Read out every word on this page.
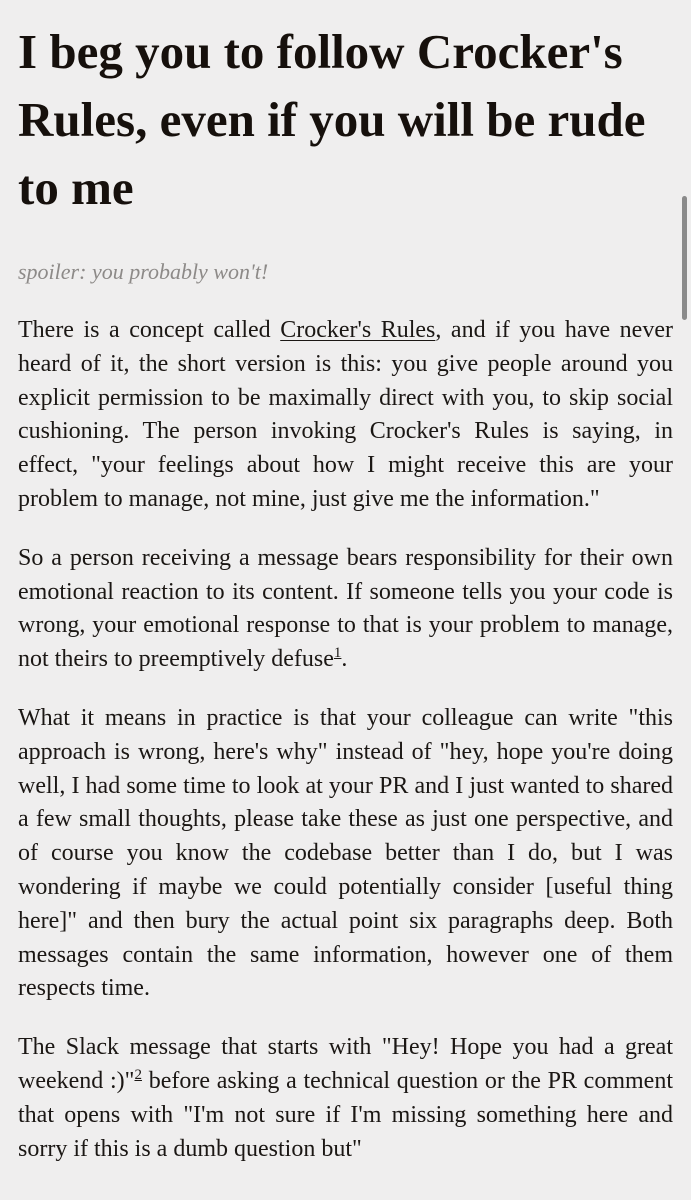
I beg you to follow Crocker's Rules, even if you will be rude to me

spoiler: you probably won't!

There is a concept called Crocker's Rules, and if you have never heard of it, the short version is this: you give people around you explicit permission to be maximally direct with you, to skip social cushioning. The person invoking Crocker's Rules is saying, in effect, "your feelings about how I might receive this are your problem to manage, not mine, just give me the information."

So a person receiving a message bears responsibility for their own emotional reaction to its content. If someone tells you your code is wrong, your emotional response to that is your problem to manage, not theirs to preemptively defuse$^1$.

What it means in practice is that your colleague can write "this approach is wrong, here's why" instead of "hey, hope you're doing well, I had some time to look at your PR and I just wanted to shared a few small thoughts, please take these as just one perspective, and of course you know the codebase better than I do, but I was wondering if maybe we could potentially consider [useful thing here]" and then bury the actual point six paragraphs deep. Both messages contain the same information, however one of them respects time.

The Slack message that starts with "Hey! Hope you had a great weekend :)"$^2$ before asking a technical question or the PR comment that opens with "I'm not sure if I'm missing something here and sorry if this is a dumb question but"
